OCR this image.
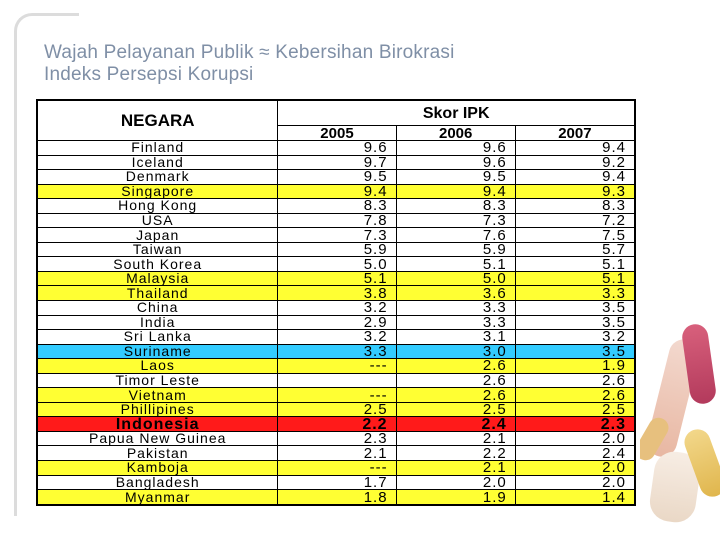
Wajah Pelayanan Publik ≈ Kebersihan Birokrasi
Indeks Persepsi Korupsi
NEGARA	Skor IPK		
	2005	2006	2007
Finland	9.6	9.6	9.4
Iceland	9.7	9.6	9.2
Denmark	9.5	9.5	9.4
Singapore	9.4	9.4	9.3
Hong Kong	8.3	8.3	8.3
USA	7.8	7.3	7.2
Japan	7.3	7.6	7.5
Taiwan	5.9	5.9	5.7
South Korea	5.0	5.1	5.1
Malaysia	5.1	5.0	5.1
Thailand	3.8	3.6	3.3
China	3.2	3.3	3.5
India	2.9	3.3	3.5
Sri Lanka	3.2	3.1	3.2
Suriname	3.3	3.0	3.5
Laos	---	2.6	1.9
Timor Leste		2.6	2.6
Vietnam	---	2.6	2.6
Phillipines	2.5	2.5	2.5
Indonesia	2.2	2.4	2.3
Papua New Guinea	2.3	2.1	2.0
Pakistan	2.1	2.2	2.4
Kamboja	---	2.1	2.0
Bangladesh	1.7	2.0	2.0
Myanmar	1.8	1.9	1.4
